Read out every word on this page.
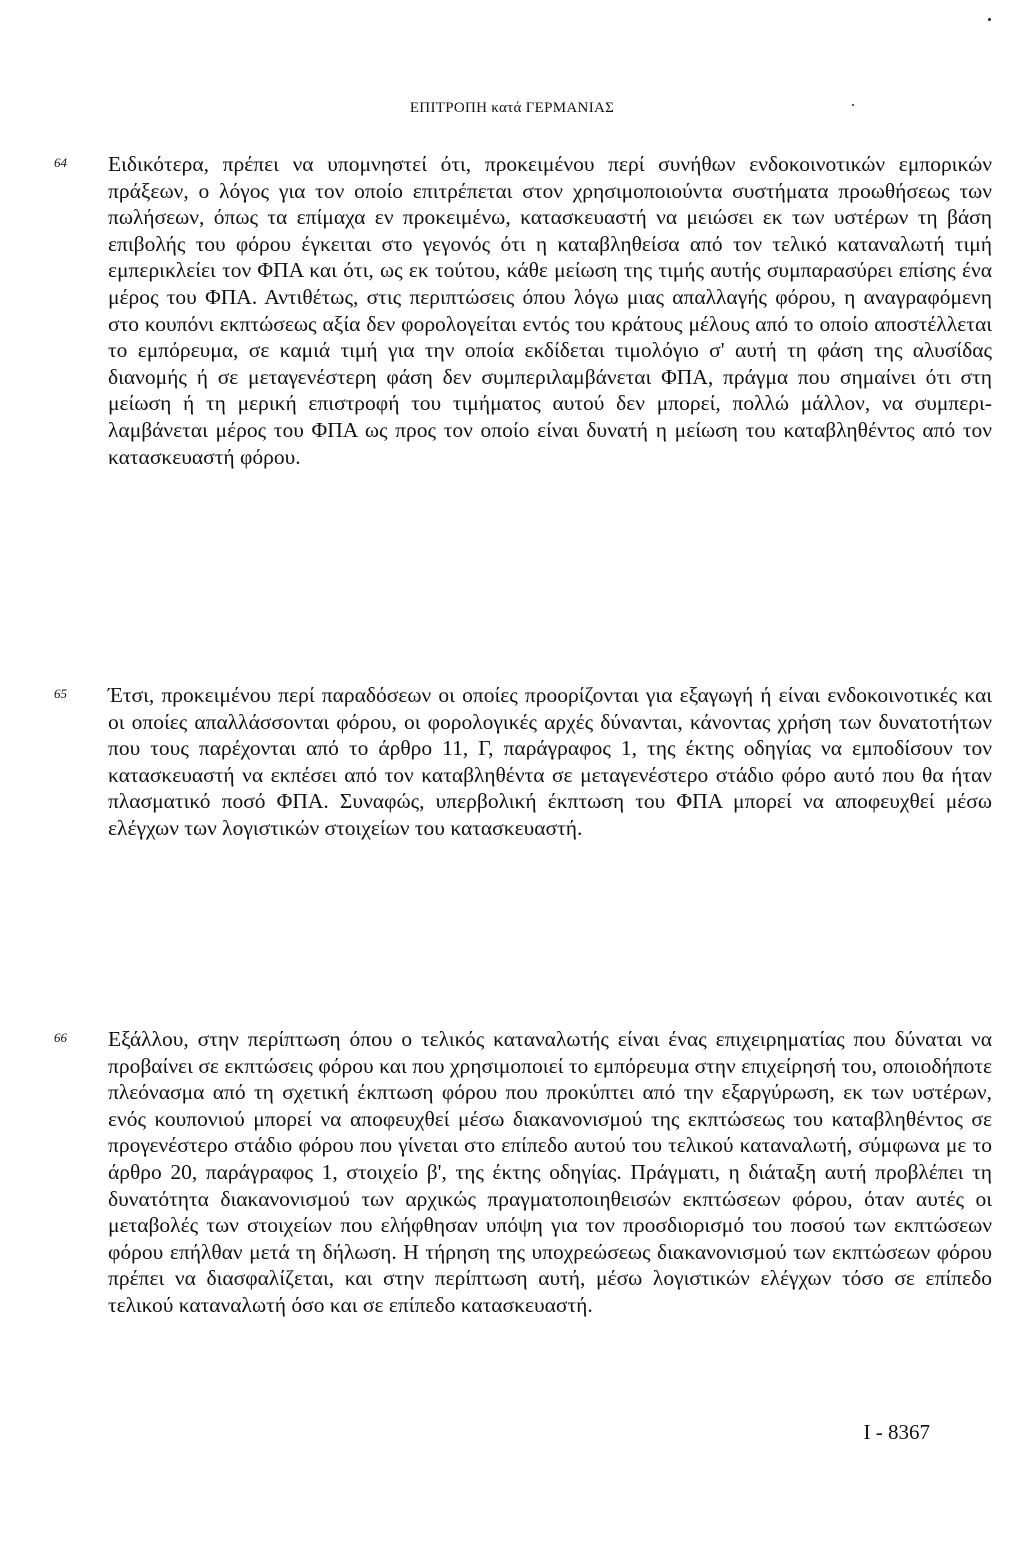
ΕΠΙΤΡΟΠΗ κατά ΓΕΡΜΑΝΙΑΣ
64 Ειδικότερα, πρέπει να υπομνηστεί ότι, προκειμένου περί συνήθων ενδοκοινοτικών εμπορικών πράξεων, ο λόγος για τον οποίο επιτρέπεται στον χρησιμοποιούντα συστήματα προωθήσεως των πωλήσεων, όπως τα επίμαχα εν προκειμένω, κατασκευαστή να μειώσει εκ των υστέρων τη βάση επιβολής του φόρου έγκειται στο γεγονός ότι η καταβληθείσα από τον τελικό καταναλωτή τιμή εμπερικλείει τον ΦΠΑ και ότι, ως εκ τούτου, κάθε μείωση της τιμής αυτής συμπαρασύρει επίσης ένα μέρος του ΦΠΑ. Αντιθέτως, στις περιπτώσεις όπου λόγω μιας απαλλαγής φόρου, η αναγραφόμενη στο κουπόνι εκπτώσεως αξία δεν φορολογείται εντός του κράτους μέλους από το οποίο αποστέλλεται το εμπόρευμα, σε καμιά τιμή για την οποία εκδίδεται τιμολόγιο σ' αυτή τη φάση της αλυσίδας διανομής ή σε μεταγενέστερη φάση δεν συμπεριλαμβάνεται ΦΠΑ, πράγμα που σημαίνει ότι στη μείωση ή τη μερική επιστροφή του τιμήματος αυτού δεν μπορεί, πολλώ μάλλον, να συμπεριλαμβάνεται μέρος του ΦΠΑ ως προς τον οποίο είναι δυνατή η μείωση του καταβληθέντος από τον κατασκευαστή φόρου.

65 Έτσι, προκειμένου περί παραδόσεων οι οποίες προορίζονται για εξαγωγή ή είναι ενδοκοινοτικές και οι οποίες απαλλάσσονται φόρου, οι φορολογικές αρχές δύνανται, κάνοντας χρήση των δυνατοτήτων που τους παρέχονται από το άρθρο 11, Γ, παράγραφος 1, της έκτης οδηγίας να εμποδίσουν τον κατασκευαστή να εκπέσει από τον καταβληθέντα σε μεταγενέστερο στάδιο φόρο αυτό που θα ήταν πλασματικό ποσό ΦΠΑ. Συναφώς, υπερβολική έκπτωση του ΦΠΑ μπορεί να αποφευχθεί μέσω ελέγχων των λογιστικών στοιχείων του κατασκευαστή.

66 Εξάλλου, στην περίπτωση όπου ο τελικός καταναλωτής είναι ένας επιχειρηματίας που δύναται να προβαίνει σε εκπτώσεις φόρου και που χρησιμοποιεί το εμπόρευμα στην επιχείρησή του, οποιοδήποτε πλεόνασμα από τη σχετική έκπτωση φόρου που προκύπτει από την εξαργύρωση, εκ των υστέρων, ενός κουπονιού μπορεί να αποφευχθεί μέσω διακανονισμού της εκπτώσεως του καταβληθέντος σε προγενέστερο στάδιο φόρου που γίνεται στο επίπεδο αυτού του τελικού καταναλωτή, σύμφωνα με το άρθρο 20, παράγραφος 1, στοιχείο β', της έκτης οδηγίας. Πράγματι, η διάταξη αυτή προβλέπει τη δυνατότητα διακανονισμού των αρχικώς πραγματοποιηθεισών εκπτώσεων φόρου, όταν αυτές οι μεταβολές των στοιχείων που ελήφθησαν υπόψη για τον προσδιορισμό του ποσού των εκπτώσεων φόρου επήλθαν μετά τη δήλωση. Η τήρηση της υποχρεώσεως διακανονισμού των εκπτώσεων φόρου πρέπει να διασφαλίζεται, και στην περίπτωση αυτή, μέσω λογιστικών ελέγχων τόσο σε επίπεδο τελικού καταναλωτή όσο και σε επίπεδο κατασκευαστή.

I - 8367
